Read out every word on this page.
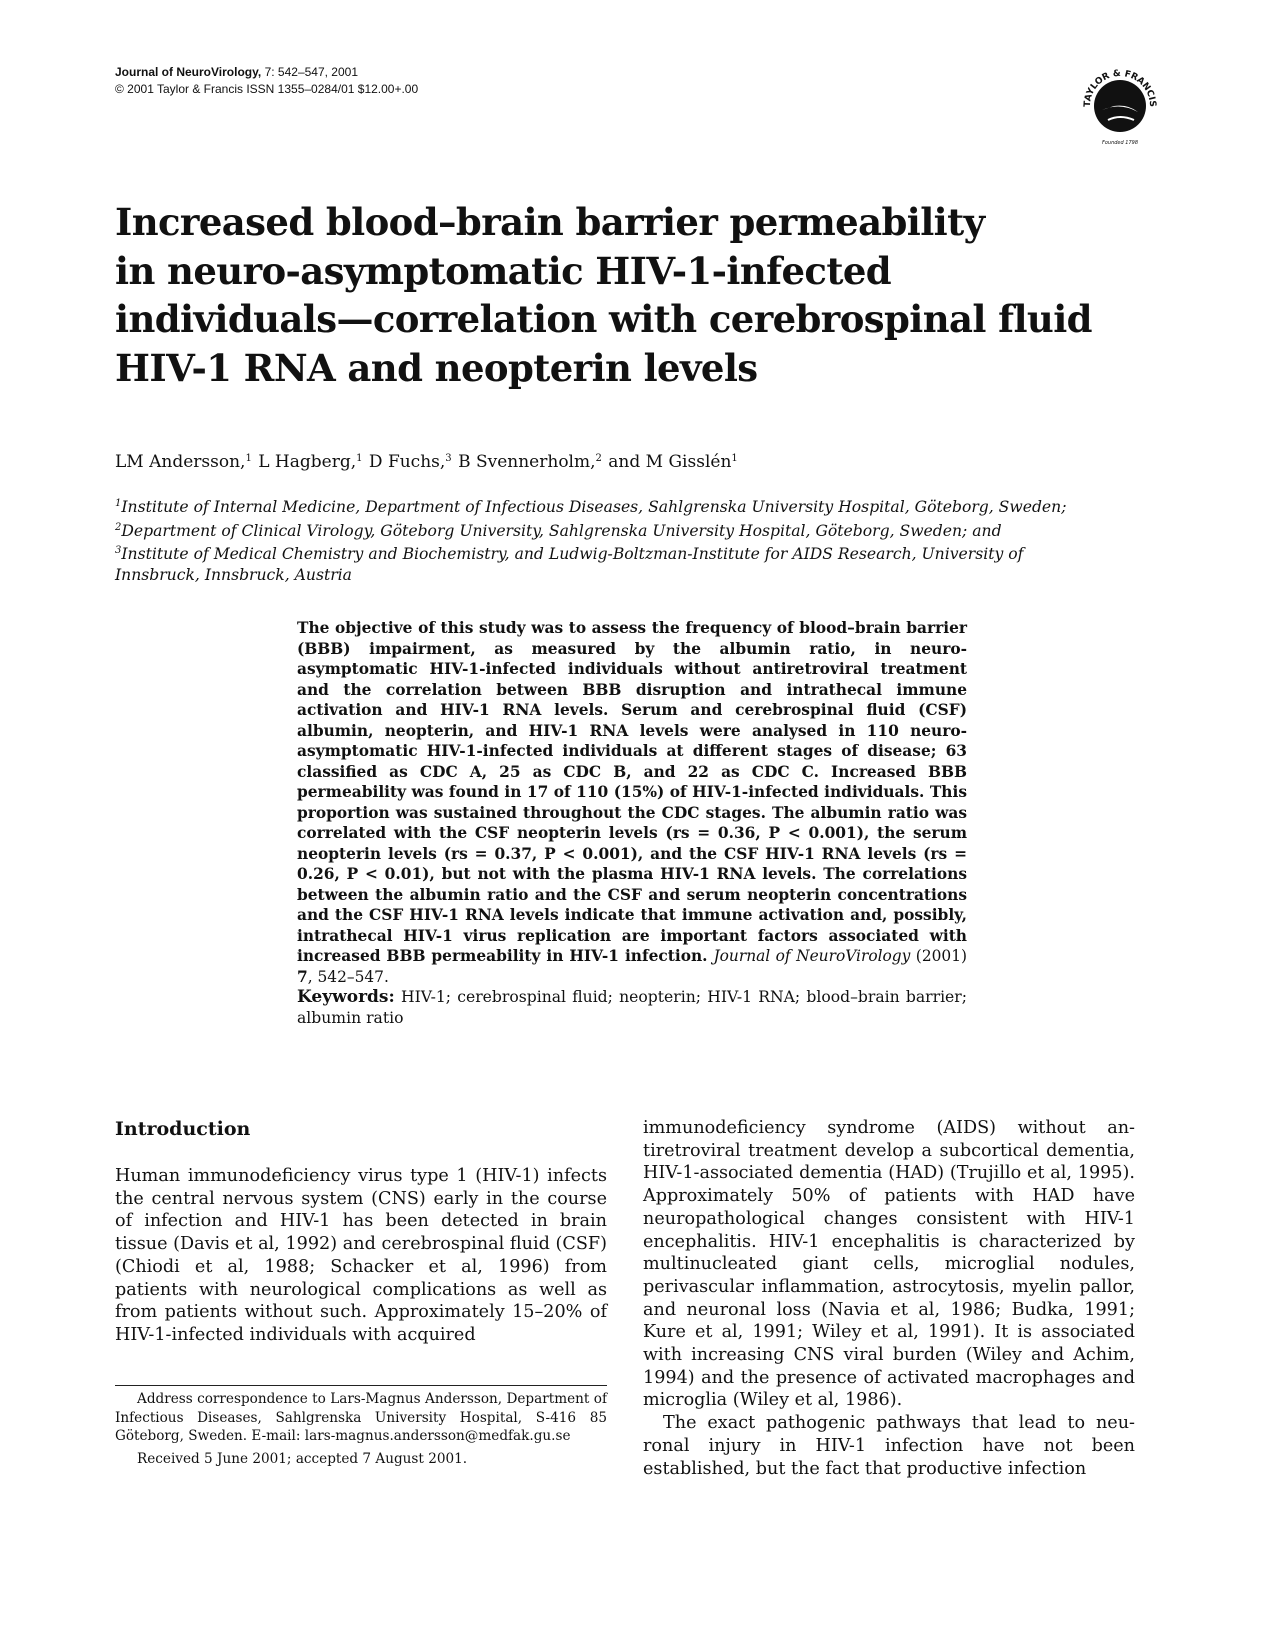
Journal of NeuroVirology, 7: 542–547, 2001
© 2001 Taylor & Francis ISSN 1355–0284/01 $12.00+.00
TAYLOR & FRANCIS
Founded 1798
Increased blood–brain barrier permeability
in neuro-asymptomatic HIV-1-infected
individuals—correlation with cerebrospinal fluid
HIV-1 RNA and neopterin levels
LM Andersson,$^1$ L Hagberg,$^1$ D Fuchs,$^3$ B Svennerholm,$^2$ and M Gisslén$^1$
$^1$Institute of Internal Medicine, Department of Infectious Diseases, Sahlgrenska University Hospital, Göteborg, Sweden;
$^2$Department of Clinical Virology, Göteborg University, Sahlgrenska University Hospital, Göteborg, Sweden; and
$^3$Institute of Medical Chemistry and Biochemistry, and Ludwig-Boltzman-Institute for AIDS Research, University of
Innsbruck, Innsbruck, Austria
The objective of this study was to assess the frequency of blood–brain barrier (BBB) impairment, as measured by the albumin ratio, in neuro-asymptomatic HIV-1-infected individuals without antiretroviral treatment and the correlation between BBB disruption and intrathecal immune activation and HIV-1 RNA levels. Serum and cerebrospinal fluid (CSF) albumin, neopterin, and HIV-1 RNA levels were analysed in 110 neuro-asymptomatic HIV-1-infected individuals at different stages of disease; 63 classified as CDC A, 25 as CDC B, and 22 as CDC C. Increased BBB permeability was found in 17 of 110 (15%) of HIV-1-infected individuals. This proportion was sustained throughout the CDC stages. The albumin ratio was correlated with the CSF neopterin levels (rs = 0.36, P < 0.001), the serum neopterin levels (rs = 0.37, P < 0.001), and the CSF HIV-1 RNA levels (rs = 0.26, P < 0.01), but not with the plasma HIV-1 RNA levels. The correlations between the albumin ratio and the CSF and serum neopterin concentrations and the CSF HIV-1 RNA levels indicate that immune activation and, possibly, intrathecal HIV-1 virus replication are important factors associated with increased BBB permeability in HIV-1 infection. Journal of NeuroVirology (2001) 7, 542–547.
Keywords: HIV-1; cerebrospinal fluid; neopterin; HIV-1 RNA; blood–brain barrier; albumin ratio
Introduction

Human immunodeficiency virus type 1 (HIV-1) infects the central nervous system (CNS) early in the course of infection and HIV-1 has been detected in brain tissue (Davis et al, 1992) and cerebrospinal fluid (CSF) (Chiodi et al, 1988; Schacker et al, 1996) from patients with neurological complications as well as from patients without such. Approximately 15–20% of HIV-1-infected individuals with acquired

immunodeficiency syndrome (AIDS) without antiretroviral treatment develop a subcortical dementia, HIV-1-associated dementia (HAD) (Trujillo et al, 1995). Approximately 50% of patients with HAD have neuropathological changes consistent with HIV-1 encephalitis. HIV-1 encephalitis is characterized by multinucleated giant cells, microglial nodules, perivascular inflammation, astrocytosis, myelin pallor, and neuronal loss (Navia et al, 1986; Budka, 1991; Kure et al, 1991; Wiley et al, 1991). It is associated with increasing CNS viral burden (Wiley and Achim, 1994) and the presence of activated macrophages and microglia (Wiley et al, 1986).

The exact pathogenic pathways that lead to neuronal injury in HIV-1 infection have not been established, but the fact that productive infection

Address correspondence to Lars-Magnus Andersson, Department of Infectious Diseases, Sahlgrenska University Hospital, S-416 85 Göteborg, Sweden. E-mail: lars-magnus.andersson@medfak.gu.se

Received 5 June 2001; accepted 7 August 2001.
